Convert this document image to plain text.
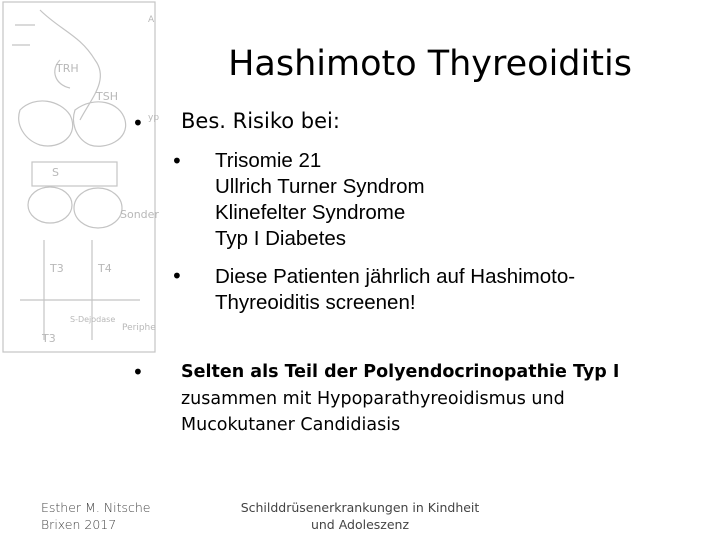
TRH
TSH
S
Sonder
T3	T4
S-Dejodase
Periphe
T3
A
yp
Hashimoto Thyreoiditis
• Bes. Risiko bei:
• Trisomie 21
Ullrich Turner Syndrom
Klinefelter Syndrome
Typ I Diabetes
• Diese Patienten jährlich auf Hashimoto-
Thyreoiditis screenen!
• Selten als Teil der Polyendocrinopathie Typ I
zusammen mit Hypoparathyreoidismus und
Mucokutaner Candidiasis
Esther M. Nitsche
Brixen 2017
Schilddrüsenerkrankungen in Kindheit
und Adoleszenz
